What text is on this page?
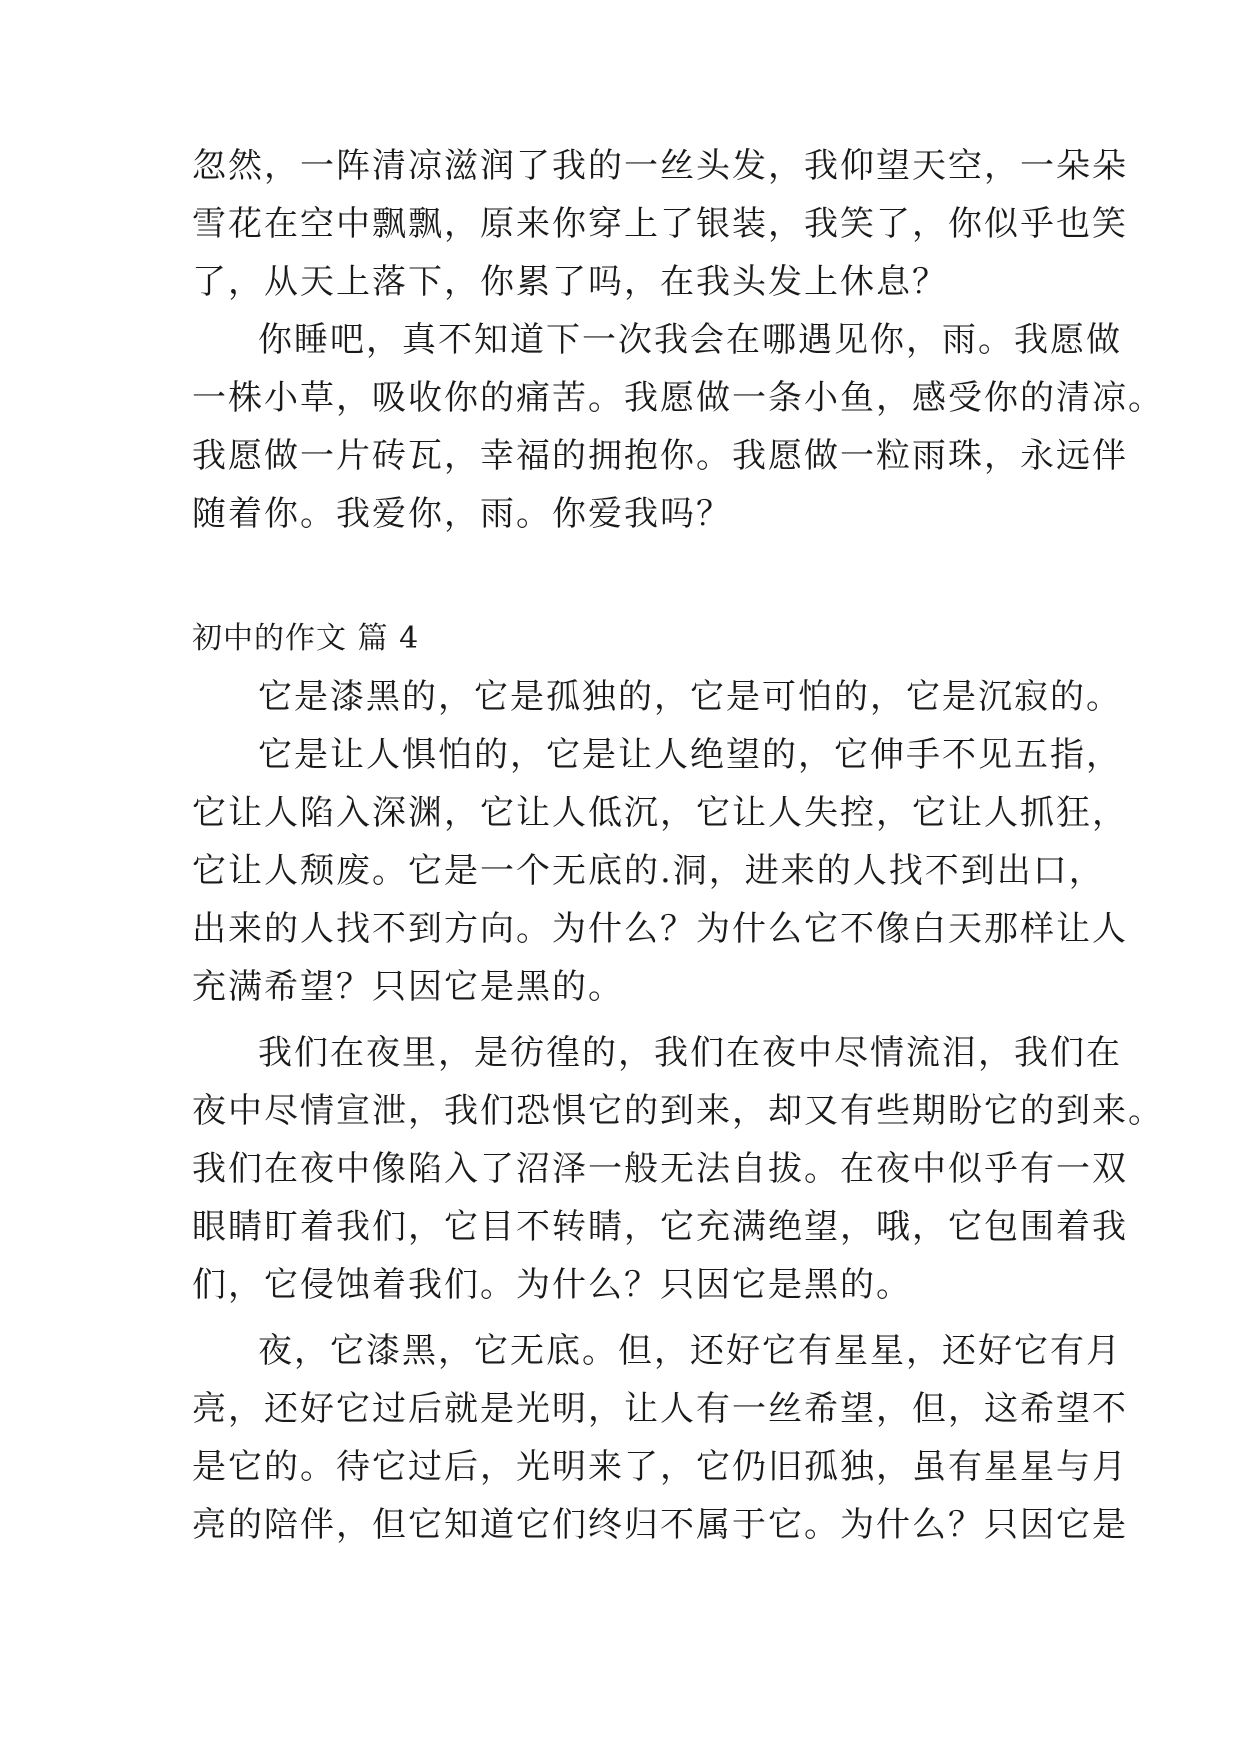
忽然，一阵清凉滋润了我的一丝头发，我仰望天空，一朵朵

雪花在空中飘飘，原来你穿上了银装，我笑了，你似乎也笑

了，从天上落下，你累了吗，在我头发上休息？

你睡吧，真不知道下一次我会在哪遇见你，雨。我愿做

一株小草，吸收你的痛苦。我愿做一条小鱼，感受你的清凉。

我愿做一片砖瓦，幸福的拥抱你。我愿做一粒雨珠，永远伴

随着你。我爱你，雨。你爱我吗？

初中的作文 篇 4

它是漆黑的，它是孤独的，它是可怕的，它是沉寂的。

它是让人惧怕的，它是让人绝望的，它伸手不见五指，

它让人陷入深渊，它让人低沉，它让人失控，它让人抓狂，

它让人颓废。它是一个无底的.洞，进来的人找不到出口，

出来的人找不到方向。为什么？为什么它不像白天那样让人

充满希望？只因它是黑的。

我们在夜里，是彷徨的，我们在夜中尽情流泪，我们在

夜中尽情宣泄，我们恐惧它的到来，却又有些期盼它的到来。

我们在夜中像陷入了沼泽一般无法自拔。在夜中似乎有一双

眼睛盯着我们，它目不转睛，它充满绝望，哦，它包围着我

们，它侵蚀着我们。为什么？只因它是黑的。

夜，它漆黑，它无底。但，还好它有星星，还好它有月

亮，还好它过后就是光明，让人有一丝希望，但，这希望不

是它的。待它过后，光明来了，它仍旧孤独，虽有星星与月

亮的陪伴，但它知道它们终归不属于它。为什么？只因它是
